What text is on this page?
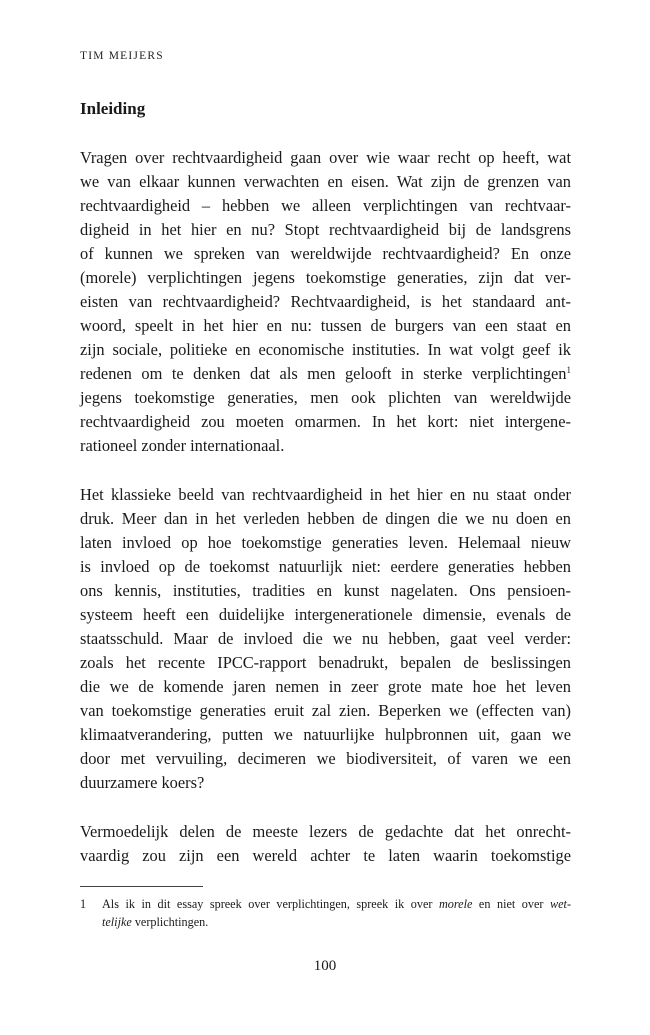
TIM MEIJERS
Inleiding
Vragen over rechtvaardigheid gaan over wie waar recht op heeft, wat
we van elkaar kunnen verwachten en eisen. Wat zijn de grenzen van
rechtvaardigheid – hebben we alleen verplichtingen van rechtvaar-
digheid in het hier en nu? Stopt rechtvaardigheid bij de landsgrens
of kunnen we spreken van wereldwijde rechtvaardigheid? En onze
(morele) verplichtingen jegens toekomstige generaties, zijn dat ver-
eisten van rechtvaardigheid? Rechtvaardigheid, is het standaard ant-
woord, speelt in het hier en nu: tussen de burgers van een staat en
zijn sociale, politieke en economische instituties. In wat volgt geef ik
redenen om te denken dat als men gelooft in sterke verplichtingen$^1$
jegens toekomstige generaties, men ook plichten van wereldwijde
rechtvaardigheid zou moeten omarmen. In het kort: niet intergene-
rationeel zonder internationaal.
Het klassieke beeld van rechtvaardigheid in het hier en nu staat onder
druk. Meer dan in het verleden hebben de dingen die we nu doen en
laten invloed op hoe toekomstige generaties leven. Helemaal nieuw
is invloed op de toekomst natuurlijk niet: eerdere generaties hebben
ons kennis, instituties, tradities en kunst nagelaten. Ons pensioen-
systeem heeft een duidelijke intergenerationele dimensie, evenals de
staatsschuld. Maar de invloed die we nu hebben, gaat veel verder:
zoals het recente IPCC-rapport benadrukt, bepalen de beslissingen
die we de komende jaren nemen in zeer grote mate hoe het leven
van toekomstige generaties eruit zal zien. Beperken we (effecten van)
klimaatverandering, putten we natuurlijke hulpbronnen uit, gaan we
door met vervuiling, decimeren we biodiversiteit, of varen we een
duurzamere koers?
Vermoedelijk delen de meeste lezers de gedachte dat het onrecht-
vaardig zou zijn een wereld achter te laten waarin toekomstige
1 Als ik in dit essay spreek over verplichtingen, spreek ik over morele en niet over wet-
telijke verplichtingen.
100
